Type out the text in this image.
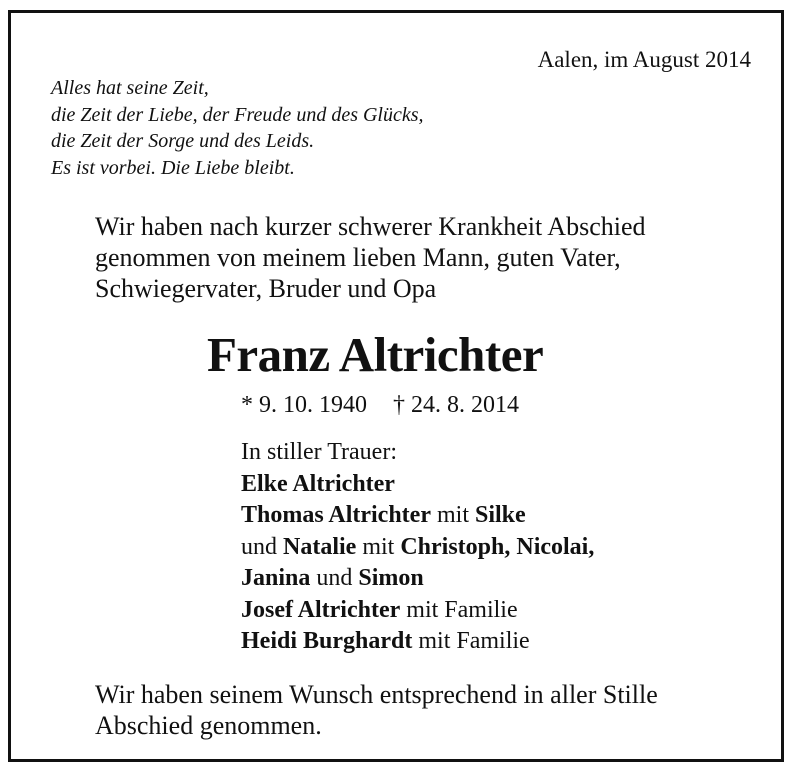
Aalen, im August 2014
Alles hat seine Zeit,
die Zeit der Liebe, der Freude und des Glücks,
die Zeit der Sorge und des Leids.
Es ist vorbei. Die Liebe bleibt.
Wir haben nach kurzer schwerer Krankheit Abschied
genommen von meinem lieben Mann, guten Vater,
Schwiegervater, Bruder und Opa
Franz Altrichter
* 9. 10. 1940 † 24. 8. 2014
In stiller Trauer:
Elke Altrichter
Thomas Altrichter mit Silke
und Natalie mit Christoph, Nicolai,
Janina und Simon
Josef Altrichter mit Familie
Heidi Burghardt mit Familie
Wir haben seinem Wunsch entsprechend in aller Stille
Abschied genommen.
